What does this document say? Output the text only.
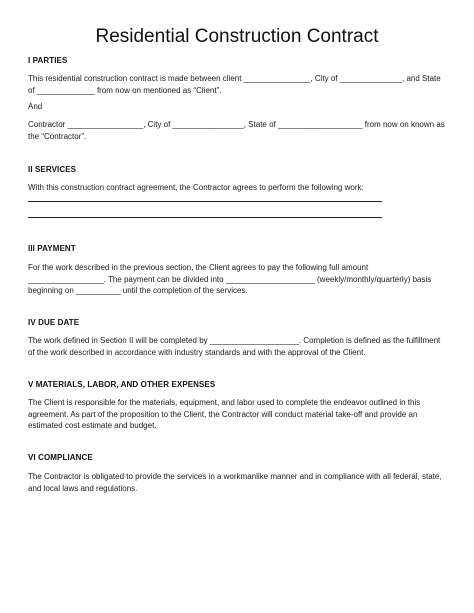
Residential Construction Contract
I PARTIES
This residential construction contract is made between client _______________, City of ______________, and State of _____________ from now on mentioned as “Client”.
And
Contractor _________________, City of ________________, State of ___________________ from now on known as the “Contractor”.
II SERVICES
With this construction contract agreement, the Contractor agrees to perform the following work:
III PAYMENT
For the work described in the previous section, the Client agrees to pay the following full amount _________________. The payment can be divided into ____________________ (weekly/monthly/quarterly) basis beginning on __________ until the completion of the services.
IV DUE DATE
The work defined in Section II will be completed by ____________________. Completion is defined as the fulfillment of the work described in accordance with industry standards and with the approval of the Client.
V MATERIALS, LABOR, AND OTHER EXPENSES
The Client is responsible for the materials, equipment, and labor used to complete the endeavor outlined in this agreement. As part of the proposition to the Client, the Contractor will conduct material take-off and provide an estimated cost estimate and budget.
VI COMPLIANCE
The Contractor is obligated to provide the services in a workmanlike manner and in compliance with all federal, state, and local laws and regulations.
